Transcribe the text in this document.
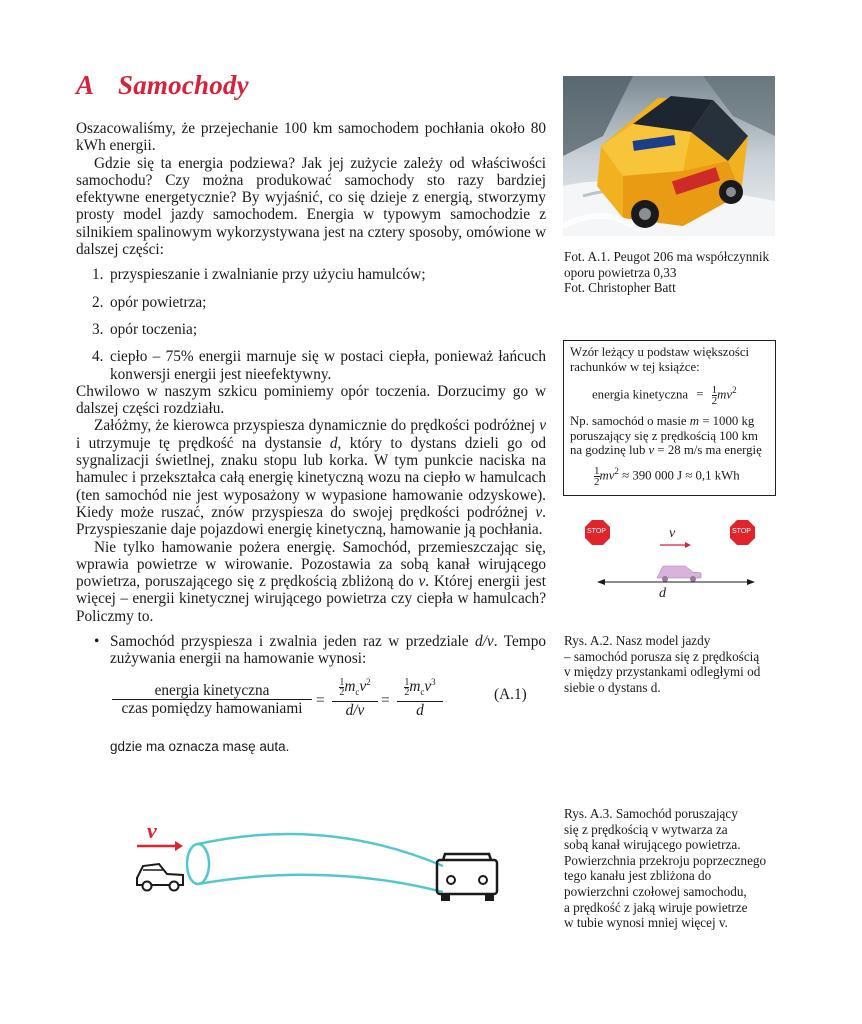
A Samochody

Oszacowaliśmy, że przejechanie 100 km samochodem pochłania około 80 kWh energii.

Gdzie się ta energia podziewa? Jak jej zużycie zależy od właściwości samochodu? Czy można produkować samochody sto razy bardziej efektywne energetycznie? By wyjaśnić, co się dzieje z energią, stworzymy prosty model jazdy samochodem. Energia w typowym samochodzie z silnikiem spalinowym wykorzystywana jest na cztery sposoby, omówione w dalszej części:

1. przyspieszanie i zwalnianie przy użyciu hamulców;
2. opór powietrza;
3. opór toczenia;
4. ciepło – 75% energii marnuje się w postaci ciepła, ponieważ łańcuch konwersji energii jest nieefektywny.

Chwilowo w naszym szkicu pominiemy opór toczenia. Dorzucimy go w dalszej części rozdziału.

Załóżmy, że kierowca przyspiesza dynamicznie do prędkości podróżnej v i utrzymuje tę prędkość na dystansie d, który to dystans dzieli go od sygnalizacji świetlnej, znaku stopu lub korka. W tym punkcie naciska na hamulec i przekształca całą energię kinetyczną wozu na ciepło w hamulcach (ten samochód nie jest wyposażony w wypasione hamowanie odzyskowe). Kiedy może ruszać, znów przyspiesza do swojej prędkości podróżnej v. Przyspieszanie daje pojazdowi energię kinetyczną, hamowanie ją pochłania.

Nie tylko hamowanie pożera energię. Samochód, przemieszczając się, wprawia powietrze w wirowanie. Pozostawia za sobą kanał wirującego powietrza, poruszającego się z prędkością zbliżoną do v. Której energii jest więcej – energii kinetycznej wirującego powietrza czy ciepła w hamulcach? Policzmy to.

• Samochód przyspiesza i zwalnia jeden raz w przedziale d/v. Tempo zużywania energii na hamowanie wynosi:
energia kinetyczna
czas pomiędzy hamowaniami =
$\frac{1}{2} m_cv^2$
d/v
=
$\frac{1}{2} m_cv^3$
d
(A.1)
gdzie ma oznacza masę auta.
Fot. A.1. Peugot 206 ma współczynnik
oporu powietrza 0,33
Fot. Christopher Batt

Wzór leżący u podstaw większości rachunków w tej książce:

energia kinetyczna = $\frac{1}{2} mv^2$

Np. samochód o masie m = 1000 kg poruszający się z prędkością 100 km na godzinę lub v = 28 m/s ma energię

$\frac{1}{2} mv^2 \approx 390$ 000 J ≈ 0,1 kWh
STOP	STOP
v
d
Rys. A.2. Nasz model jazdy
– samochód porusza się z prędkością
v między przystankami odległymi od
siebie o dystans d.
v
Rys. A.3. Samochód poruszający
się z prędkością v wytwarza za
sobą kanał wirującego powietrza.
Powierzchnia przekroju poprzecznego
tego kanału jest zbliżona do
powierzchni czołowej samochodu,
a prędkość z jaką wiruje powietrze
w tubie wynosi mniej więcej v.
